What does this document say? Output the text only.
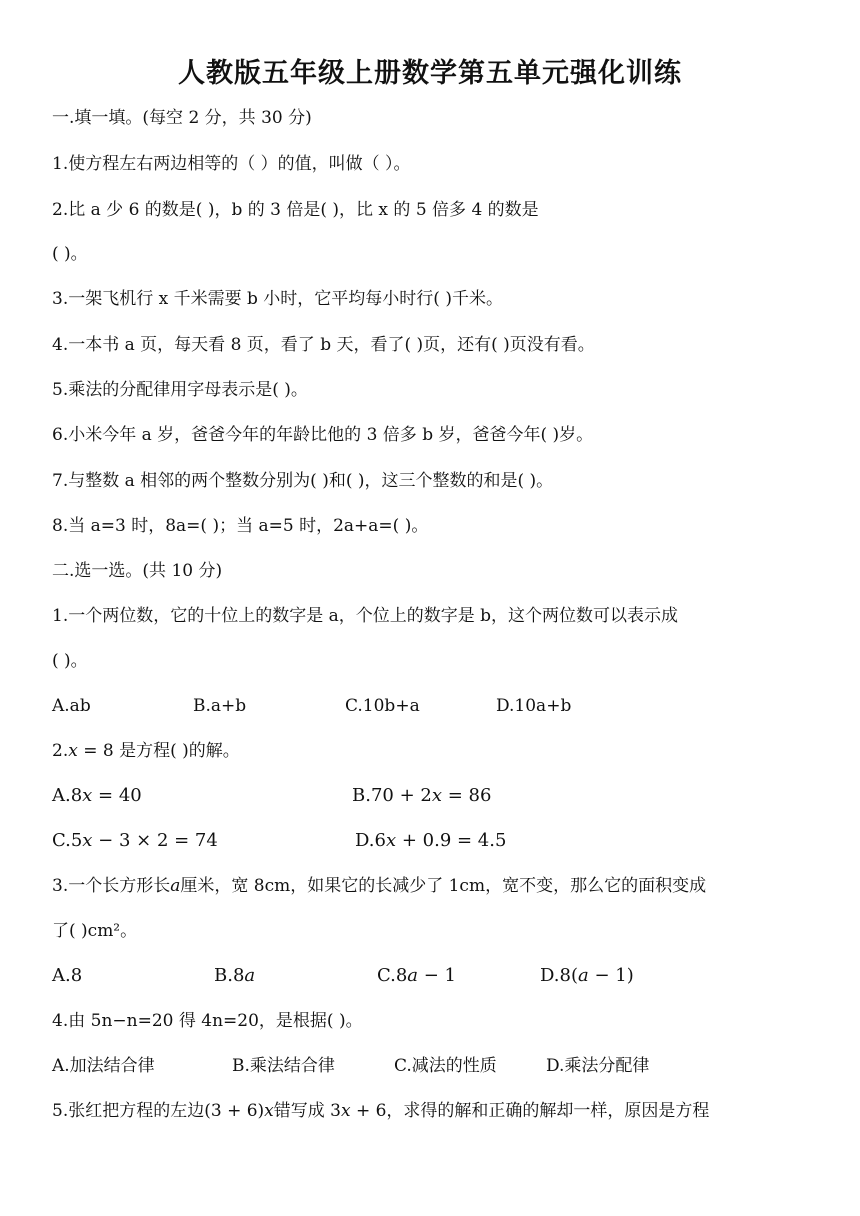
人教版五年级上册数学第五单元强化训练
一.填一填。(每空 2 分，共 30 分)
1.使方程左右两边相等的（ ）的值，叫做（ ）。
2.比 a 少 6 的数是( )，b 的 3 倍是( )，比 x 的 5 倍多 4 的数是
( )。
3.一架飞机行 x 千米需要 b 小时，它平均每小时行( )千米。
4.一本书 a 页，每天看 8 页，看了 b 天，看了( )页，还有( )页没有看。
5.乘法的分配律用字母表示是( )。
6.小米今年 a 岁，爸爸今年的年龄比他的 3 倍多 b 岁，爸爸今年( )岁。
7.与整数 a 相邻的两个整数分别为( )和( )，这三个整数的和是( )。
8.当 a=3 时，8a=( )；当 a=5 时，2a+a=( )。
二.选一选。(共 10 分)
1.一个两位数，它的十位上的数字是 a，个位上的数字是 b，这个两位数可以表示成
( )。
A.ab	B.a+b	C.10b+a	D.10a+b
2.𝑥 = 8 是方程( )的解。
A.8𝑥 = 40	B.70 + 2𝑥 = 86
C.5𝑥 − 3 × 2 = 74	D.6𝑥 + 0.9 = 4.5
3.一个长方形长𝑎厘米，宽 8cm，如果它的长减少了 1cm，宽不变，那么它的面积变成
了( )cm²。
A.8	B.8𝑎	C.8𝑎 − 1	D.8(𝑎 − 1)
4.由 5n−n=20 得 4n=20，是根据( )。
A.加法结合律	B.乘法结合律	C.减法的性质	D.乘法分配律
5.张红把方程的左边(3 + 6)𝑥错写成 3𝑥 + 6，求得的解和正确的解却一样，原因是方程
